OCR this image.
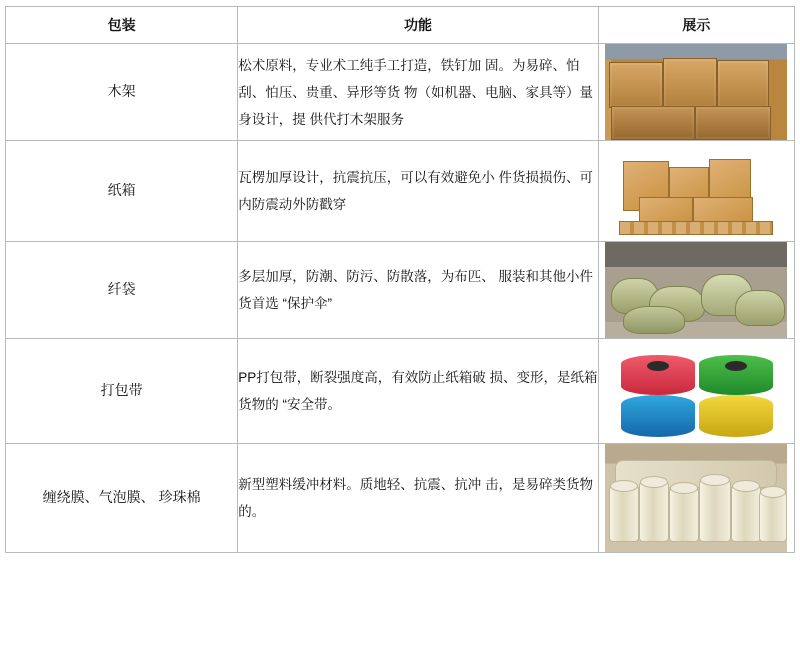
包装	功能	展示
木架	松术原料，专业术工纯手工打造，铁钉加 固。为易碎、怕刮、怕压、贵重、异形等货 物（如机器、电脑、家具等）量身设计，提 供代打木架服务	

纸箱	瓦楞加厚设计，抗震抗压，可以有效避免小 件货损损伤、可内防震动外防戳穿	

纤袋	多层加厚，防潮、防污、防散落，为布匹、 服装和其他小件货首选 “保护伞”	

打包带	PP打包带，断裂强度高，有效防止纸箱破 损、变形，是纸箱货物的 “安全带。	

缠绕膜、气泡膜、 珍珠棉	新型塑料缓冲材料。质地轻、抗震、抗冲 击，是易碎类货物的。	
